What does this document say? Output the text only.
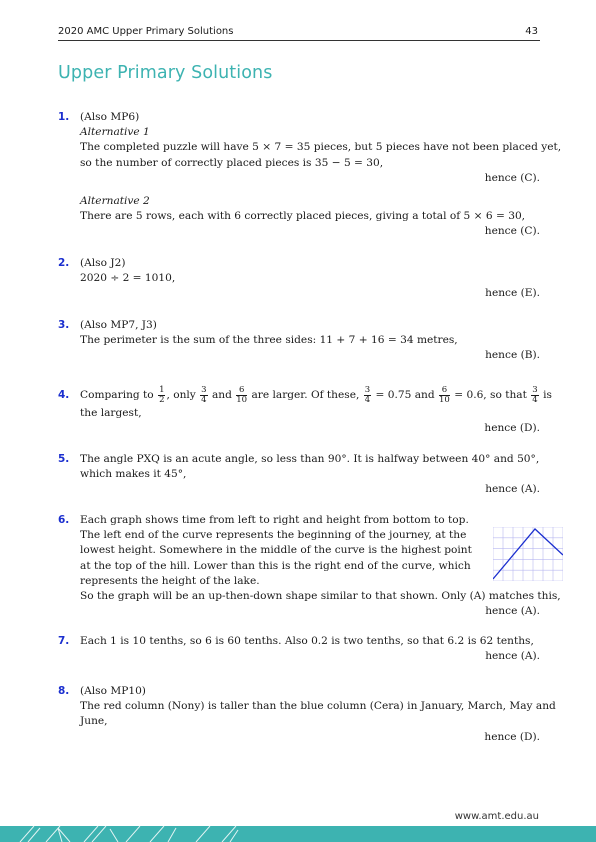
2020 AMC Upper Primary Solutions	43
Upper Primary Solutions
1. (Also MP6)
Alternative 1
The completed puzzle will have 5 × 7 = 35 pieces, but 5 pieces have not been placed yet,
so the number of correctly placed pieces is 35 − 5 = 30,
hence (C).
Alternative 2
There are 5 rows, each with 6 correctly placed pieces, giving a total of 5 × 6 = 30,
hence (C).
2. (Also J2)
2020 ÷ 2 = 1010,
hence (E).
3. (Also MP7, J3)
The perimeter is the sum of the three sides: 11 + 7 + 16 = 34 metres,
hence (B).
4. Comparing to $\frac{1}{2}$ , only $\frac{3}{4}$ and $\frac{6}{10}$ are larger. Of these, $\frac{3}{4} = 0.75$ and $\frac{6}{10} = 0.6$, so that $\frac{3}{4}$ is
the largest,
hence (D).
5. The angle PXQ is an acute angle, so less than 90°. It is halfway between 40° and 50°,
which makes it 45°,
hence (A).
6. Each graph shows time from left to right and height from bottom to top.
The left end of the curve represents the beginning of the journey, at the
lowest height. Somewhere in the middle of the curve is the highest point
at the top of the hill. Lower than this is the right end of the curve, which
represents the height of the lake.
So the graph will be an up-then-down shape similar to that shown. Only (A) matches this,
hence (A).
7. Each 1 is 10 tenths, so 6 is 60 tenths. Also 0.2 is two tenths, so that 6.2 is 62 tenths,
hence (A).
8. (Also MP10)
The red column (Nony) is taller than the blue column (Cera) in January, March, May and
June,
hence (D).
www.amt.edu.au
